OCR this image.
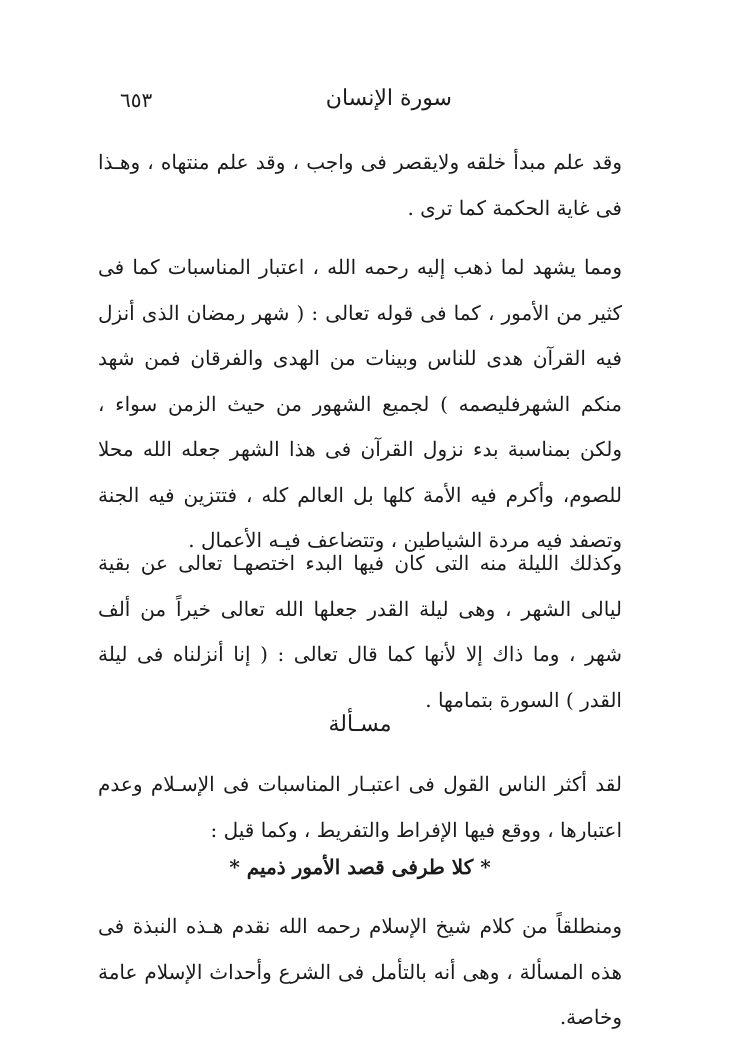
سورة الإنسان
٦٥٣
وقد علم مبدأ خلقه ولايقصر فى واجب ، وقد علم منتهاه ، وهـذا فى غاية الحكمة كما ترى .
ومما يشهد لما ذهب إليه رحمه الله ، اعتبار المناسبات كما فى كثير من الأمور ، كما فى قوله تعالى : ( شهر رمضان الذى أنزل فيه القرآن هدى للناس وبينات من الهدى والفرقان فمن شهد منكم الشهرفليصمه ) لجميع الشهور من حيث الزمن سواء ، ولكن بمناسبة بدء نزول القرآن فى هذا الشهر جعله الله محلا للصوم، وأكرم فيه الأمة كلها بل العالم كله ، فتتزين فيه الجنة وتصفد فيه مردة الشياطين ، وتتضاعف فيـه الأعمال .
وكذلك الليلة منه التى كان فيها البدء اختصهـا تعالى عن بقية ليالى الشهر ، وهى ليلة القدر جعلها الله تعالى خيراً من ألف شهر ، وما ذاك إلا لأنها كما قال تعالى : ( إنا أنزلناه فى ليلة القدر ) السورة بتمامها .
مسـألة
لقد أكثر الناس القول فى اعتبـار المناسبات فى الإسـلام وعدم اعتبارها ، ووقع فيها الإفراط والتفريط ، وكما قيل :
* كلا طرفى قصد الأمور ذميم *
ومنطلقاً من كلام شيخ الإسلام رحمه الله نقدم هـذه النبذة فى هذه المسألة ، وهى أنه بالتأمل فى الشرع وأحداث الإسلام عامة وخاصة.
